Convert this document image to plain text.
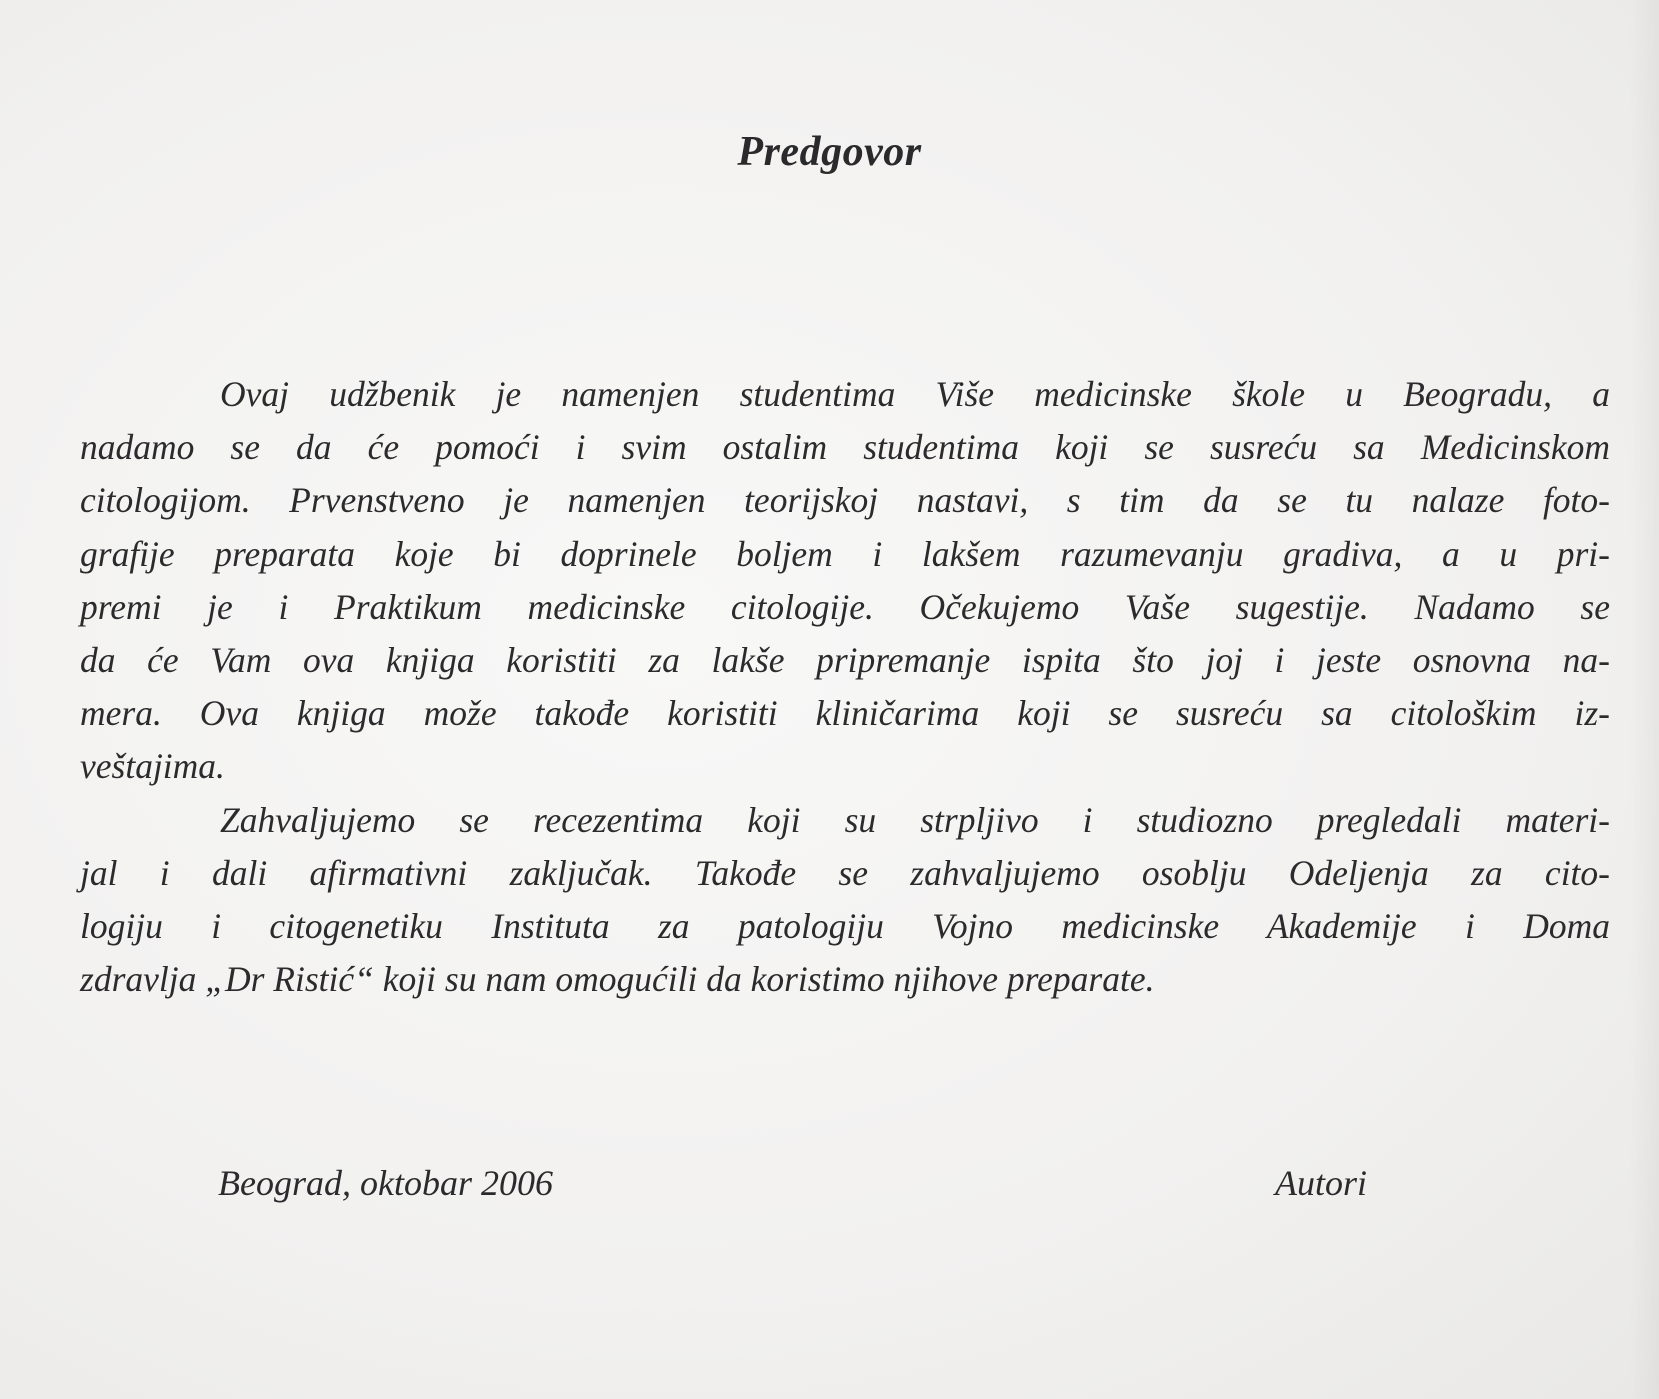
Predgovor
Ovaj udžbenik je namenjen studentima Više medicinske škole u Beogradu, a
nadamo se da će pomoći i svim ostalim studentima koji se susreću sa Medicinskom
citologijom. Prvenstveno je namenjen teorijskoj nastavi, s tim da se tu nalaze foto-
grafije preparata koje bi doprinele boljem i lakšem razumevanju gradiva, a u pri-
premi je i Praktikum medicinske citologije. Očekujemo Vaše sugestije. Nadamo se
da će Vam ova knjiga koristiti za lakše pripremanje ispita što joj i jeste osnovna na-
mera. Ova knjiga može takođe koristiti kliničarima koji se susreću sa citološkim iz-
veštajima.
Zahvaljujemo se recezentima koji su strpljivo i studiozno pregledali materi-
jal i dali afirmativni zaključak. Takođe se zahvaljujemo osoblju Odeljenja za cito-
logiju i citogenetiku Instituta za patologiju Vojno medicinske Akademije i Doma
zdravlja „Dr Ristić“ koji su nam omogućili da koristimo njihove preparate.
Beograd, oktobar 2006	Autori
